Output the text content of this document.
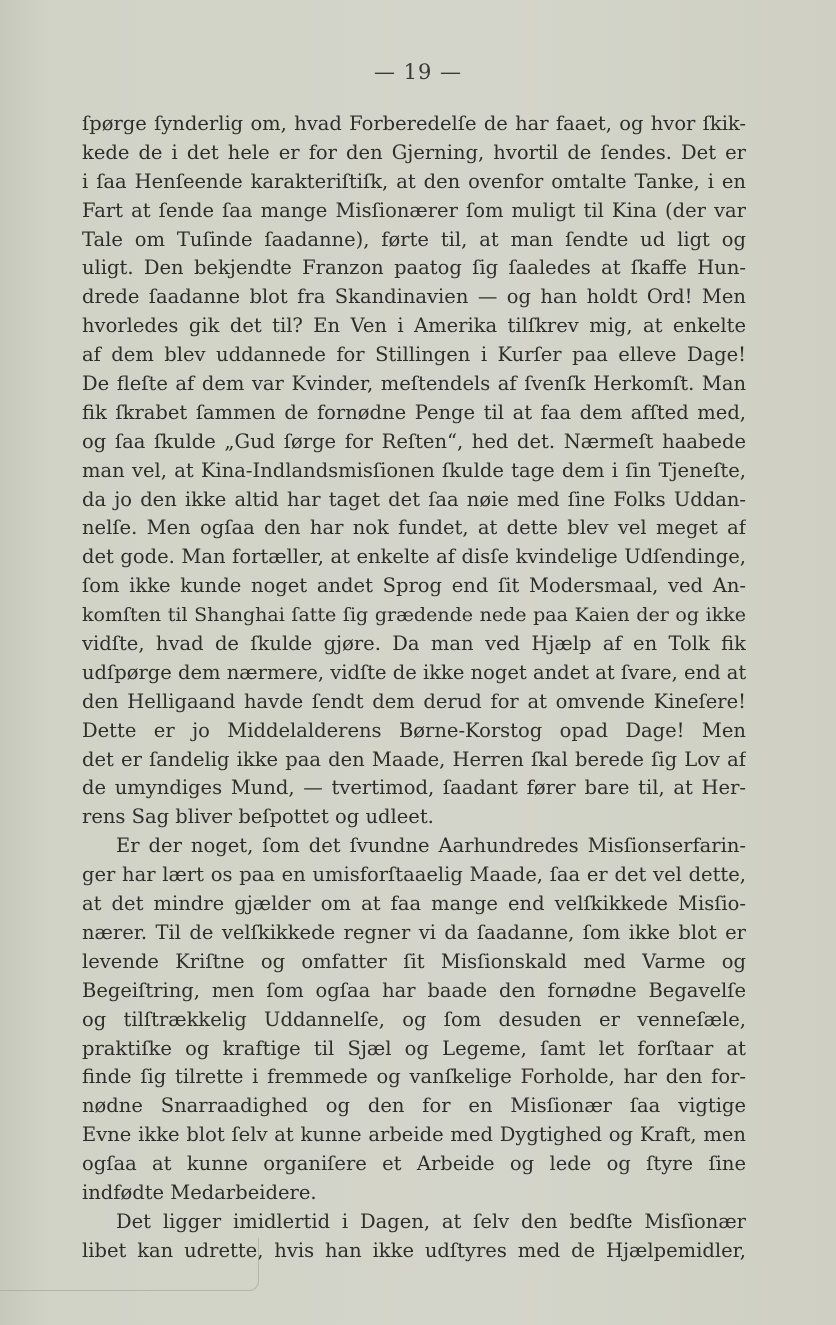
— 19 —
ſpørge ſynderlig om, hvad Forberedelſe de har faaet, og hvor ſkik-
kede de i det hele er for den Gjerning, hvortil de ſendes. Det er
i ſaa Henſeende karakteriſtiſk, at den ovenfor omtalte Tanke, i en
Fart at ſende ſaa mange Misſionærer ſom muligt til Kina (der var
Tale om Tuſinde ſaadanne), førte til, at man ſendte ud ligt og
uligt. Den bekjendte Franzon paatog ſig ſaaledes at ſkaffe Hun-
drede ſaadanne blot fra Skandinavien — og han holdt Ord! Men
hvorledes gik det til? En Ven i Amerika tilſkrev mig, at enkelte
af dem blev uddannede for Stillingen i Kurſer paa elleve Dage!
De fleſte af dem var Kvinder, meſtendels af ſvenſk Herkomſt. Man
fik ſkrabet ſammen de fornødne Penge til at faa dem afſted med,
og ſaa ſkulde „Gud ſørge for Reſten“, hed det. Nærmeſt haabede
man vel, at Kina-Indlandsmisſionen ſkulde tage dem i ſin Tjeneſte,
da jo den ikke altid har taget det ſaa nøie med ſine Folks Uddan-
nelſe. Men ogſaa den har nok fundet, at dette blev vel meget af
det gode. Man fortæller, at enkelte af disſe kvindelige Udſendinge,
ſom ikke kunde noget andet Sprog end ſit Modersmaal, ved An-
komſten til Shanghai ſatte ſig grædende nede paa Kaien der og ikke
vidſte, hvad de ſkulde gjøre. Da man ved Hjælp af en Tolk fik
udſpørge dem nærmere, vidſte de ikke noget andet at ſvare, end at
den Helligaand havde ſendt dem derud for at omvende Kineſere!
Dette er jo Middelalderens Børne-Korstog opad Dage! Men
det er ſandelig ikke paa den Maade, Herren ſkal berede ſig Lov af
de umyndiges Mund, — tvertimod, ſaadant fører bare til, at Her-
rens Sag bliver beſpottet og udleet.
Er der noget, ſom det ſvundne Aarhundredes Misſionserfarin-
ger har lært os paa en umisforſtaaelig Maade, ſaa er det vel dette,
at det mindre gjælder om at faa mange end velſkikkede Misſio-
nærer. Til de velſkikkede regner vi da ſaadanne, ſom ikke blot er
levende Kriſtne og omfatter ſit Misſionskald med Varme og
Begeiſtring, men ſom ogſaa har baade den fornødne Begavelſe
og tilſtrækkelig Uddannelſe, og ſom desuden er venneſæle,
praktiſke og kraftige til Sjæl og Legeme, ſamt let forſtaar at
finde ſig tilrette i fremmede og vanſkelige Forholde, har den for-
nødne Snarraadighed og den for en Misſionær ſaa vigtige
Evne ikke blot ſelv at kunne arbeide med Dygtighed og Kraft, men
ogſaa at kunne organiſere et Arbeide og lede og ſtyre ſine
indfødte Medarbeidere.
Det ligger imidlertid i Dagen, at ſelv den bedſte Misſionær
libet kan udrette, hvis han ikke udſtyres med de Hjælpemidler,
